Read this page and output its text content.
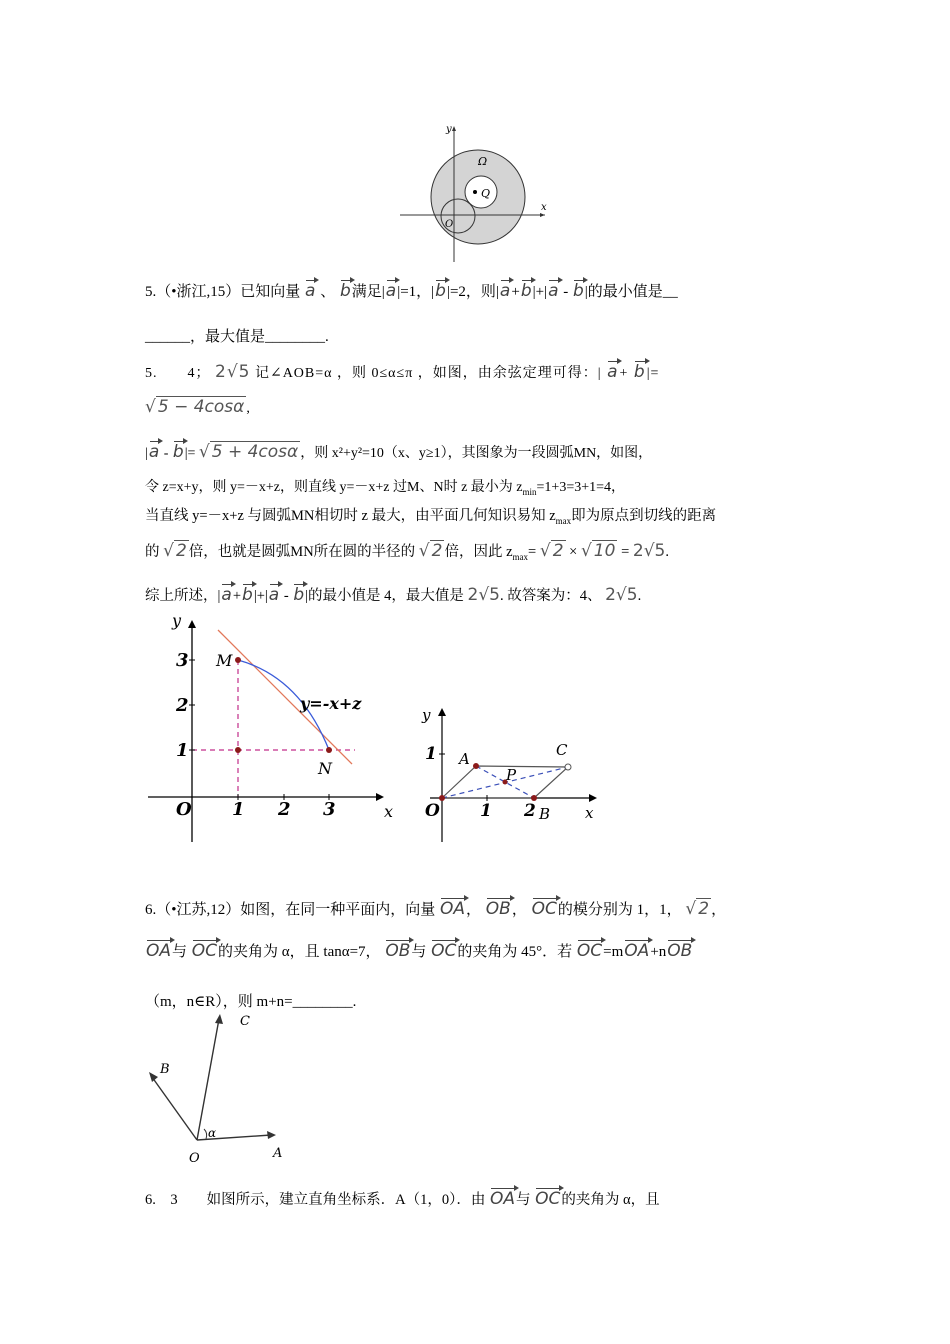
y
x
Ω
Q
O
5.（•浙江,15）已知向量 a 、 b满足|a|=1，|b|=2，则|a+b|+|a - b|的最小值是__
______，最大值是________.
5.　　4； 2√5 记∠AOB=α ，则 0≤α≤π ，如图，由余弦定理可得：| a+ b|=
√ 5 − 4cosα ,
|a - b|= √ 5 + 4cosα ，则 x²+y²=10（x、y≥1），其图象为一段圆弧MN，如图，
令 z=x+y，则 y=－x+z，则直线 y=－x+z 过M、N时 z 最小为 $z_{min}=1+3=3+1=4$，
当直线 y=－x+z 与圆弧MN相切时 z 最大，由平面几何知识易知 $z_{max}$即为原点到切线的距离
的 √ 2 倍，也就是圆弧MN所在圆的半径的 √ 2 倍，因此 $z_{max}=$ √ 2 × √ 10 = 2√5.
综上所述，|a+b|+|a - b|的最小值是 4，最大值是 2√5. 故答案为：4、 2√5.
y
x
O 1 2 3
1
2
3 M
N
y=-x+z
y
x
O
1
1 2
A	C
B
P
6.（•江苏,12）如图，在同一种平面内，向量 OA， OB， OC的模分别为 1，1， √ 2 ，
OA与 OC的夹角为 α，且 tanα=7， OB与 OC的夹角为 45°．若 OC=mOA+nOB
（m，n∈R），则 m+n=________.
C
B
A
O
α
6.　3　　如图所示，建立直角坐标系．A（1，0）．由 OA与 OC的夹角为 α，且
